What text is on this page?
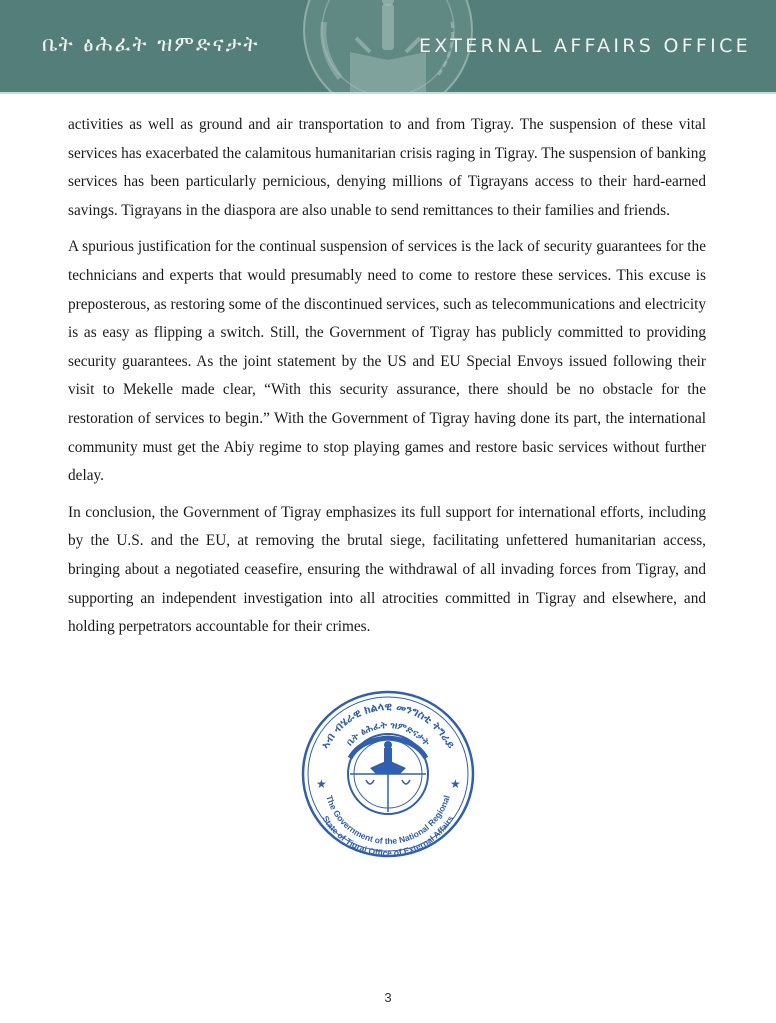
ቤት ፅሕፈት ዝምድናታት	EXTERNAL AFFAIRS OFFICE

activities as well as ground and air transportation to and from Tigray. The suspension of these vital services has exacerbated the calamitous humanitarian crisis raging in Tigray. The suspension of banking services has been particularly pernicious, denying millions of Tigrayans access to their hard-earned savings. Tigrayans in the diaspora are also unable to send remittances to their families and friends.

A spurious justification for the continual suspension of services is the lack of security guarantees for the technicians and experts that would presumably need to come to restore these services. This excuse is preposterous, as restoring some of the discontinued services, such as telecommunications and electricity is as easy as flipping a switch. Still, the Government of Tigray has publicly committed to providing security guarantees. As the joint statement by the US and EU Special Envoys issued following their visit to Mekelle made clear, “With this security assurance, there should be no obstacle for the restoration of services to begin.” With the Government of Tigray having done its part, the international community must get the Abiy regime to stop playing games and restore basic services without further delay.

In conclusion, the Government of Tigray emphasizes its full support for international efforts, including by the U.S. and the EU, at removing the brutal siege, facilitating unfettered humanitarian access, bringing about a negotiated ceasefire, ensuring the withdrawal of all invading forces from Tigray, and supporting an independent investigation into all atrocities committed in Tigray and elsewhere, and holding perpetrators accountable for their crimes.

ኣብ ብሄራዊ ክልላዊ መንግስቲ ትግራይ
ቤት ፅሕፈት ዝምድናታት
The Government of the National Regional
State of Tigrai Office of External Affairs
★	★
3
